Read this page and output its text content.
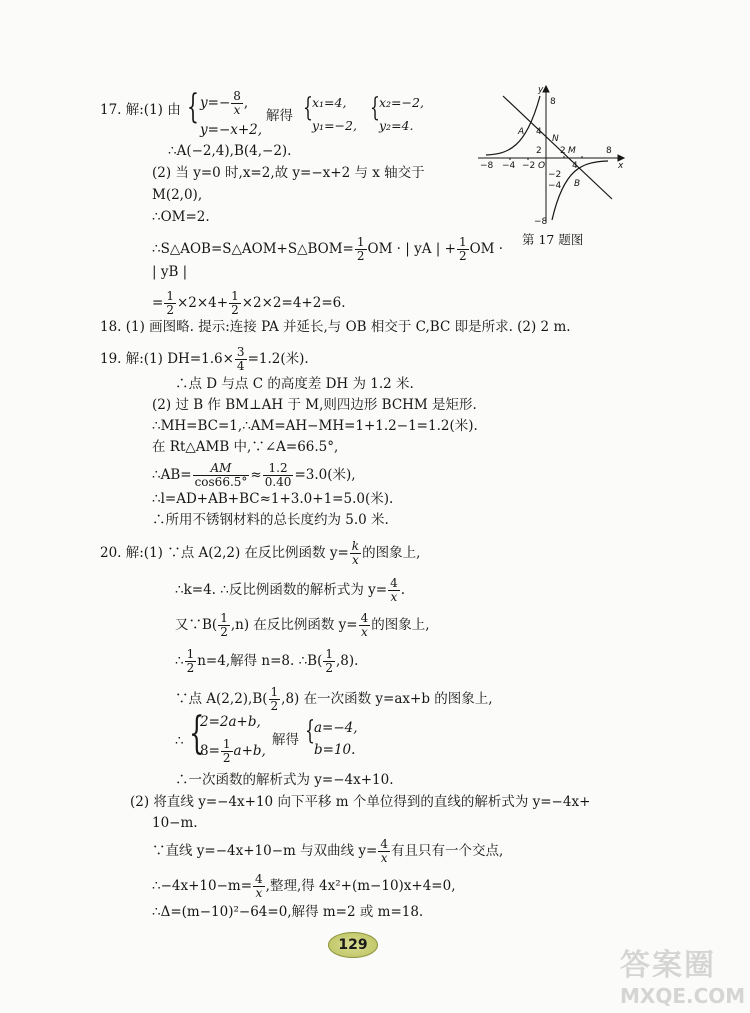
17. 解:(1) 由 { $y=- \frac{8}{x}$ ,
y=−x+2,
解得 { x₁=4,
y₁=−2,
{ x₂=−2,
y₂=4.
∴A(−2,4),B(4,−2).
(2) 当 y=0 时,x=2,故 y=−x+2 与 x 轴交于
M(2,0),
∴OM=2.
∴S△AOB=S△AOM+S△BOM= $\frac{1}{2}$ OM · | yA | + $\frac{1}{2}$ OM ·
| yB |
= $\frac{1}{2} \times 2\times 4+ \frac{1}{2} \times 2\times 2=4+2=6$.
y
x
8
4
2
−2
−4
−8
−8 −4 −2 O
2
4
8
M
N
A
B
第 17 题图
18. (1) 画图略. 提示:连接 PA 并延长,与 OB 相交于 C,BC 即是所求. (2) 2 m.
19. 解:(1) $DH=1.6\times \frac{3}{4} =1.2$(米).
∴点 D 与点 C 的高度差 DH 为 1.2 米.
(2) 过 B 作 BM⊥AH 于 M,则四边形 BCHM 是矩形.
∴MH=BC=1,∴AM=AH−MH=1+1.2−1=1.2(米).
在 Rt△AMB 中,∵∠A=66.5°,
∴AB= $\frac{AM}{\cos 66.5^\circ} \approx \frac{1.2}{0.40} =3.0$(米),
∴l=AD+AB+BC≈1+3.0+1=5.0(米).
∴所用不锈钢材料的总长度约为 5.0 米.
20. 解:(1) ∵点 A(2,2) 在反比例函数 $y= \frac{k}{x}$ 的图象上,
∴k=4. ∴反比例函数的解析式为 $y= \frac{4}{x}$ .
又∵B( $\frac{1}{2} ,n$) 在反比例函数 $y= \frac{4}{x}$ 的图象上,
∴ $\frac{1}{2} n=4$,解得 n=8. ∴B( $\frac{1}{2} ,8$).
∵点 $A(2,2),B( \frac{1}{2} ,8)$ 在一次函数 y=ax+b 的图象上,
∴ {
2=2a+b,
$8= \frac{1}{2} a+b$,
解得 { a=−4,
b=10.
∴一次函数的解析式为 y=−4x+10.
(2) 将直线 y=−4x+10 向下平移 m 个单位得到的直线的解析式为 y=−4x+
10−m.
∵直线 y=−4x+10−m 与双曲线 $y= \frac{4}{x}$ 有且只有一个交点,
∴−4x+10−m= $\frac{4}{x}$ ,整理,得 4x²+(m−10)x+4=0,
∴Δ=(m−10)²−64=0,解得 m=2 或 m=18.
129
答案圈
MXQE.COM
